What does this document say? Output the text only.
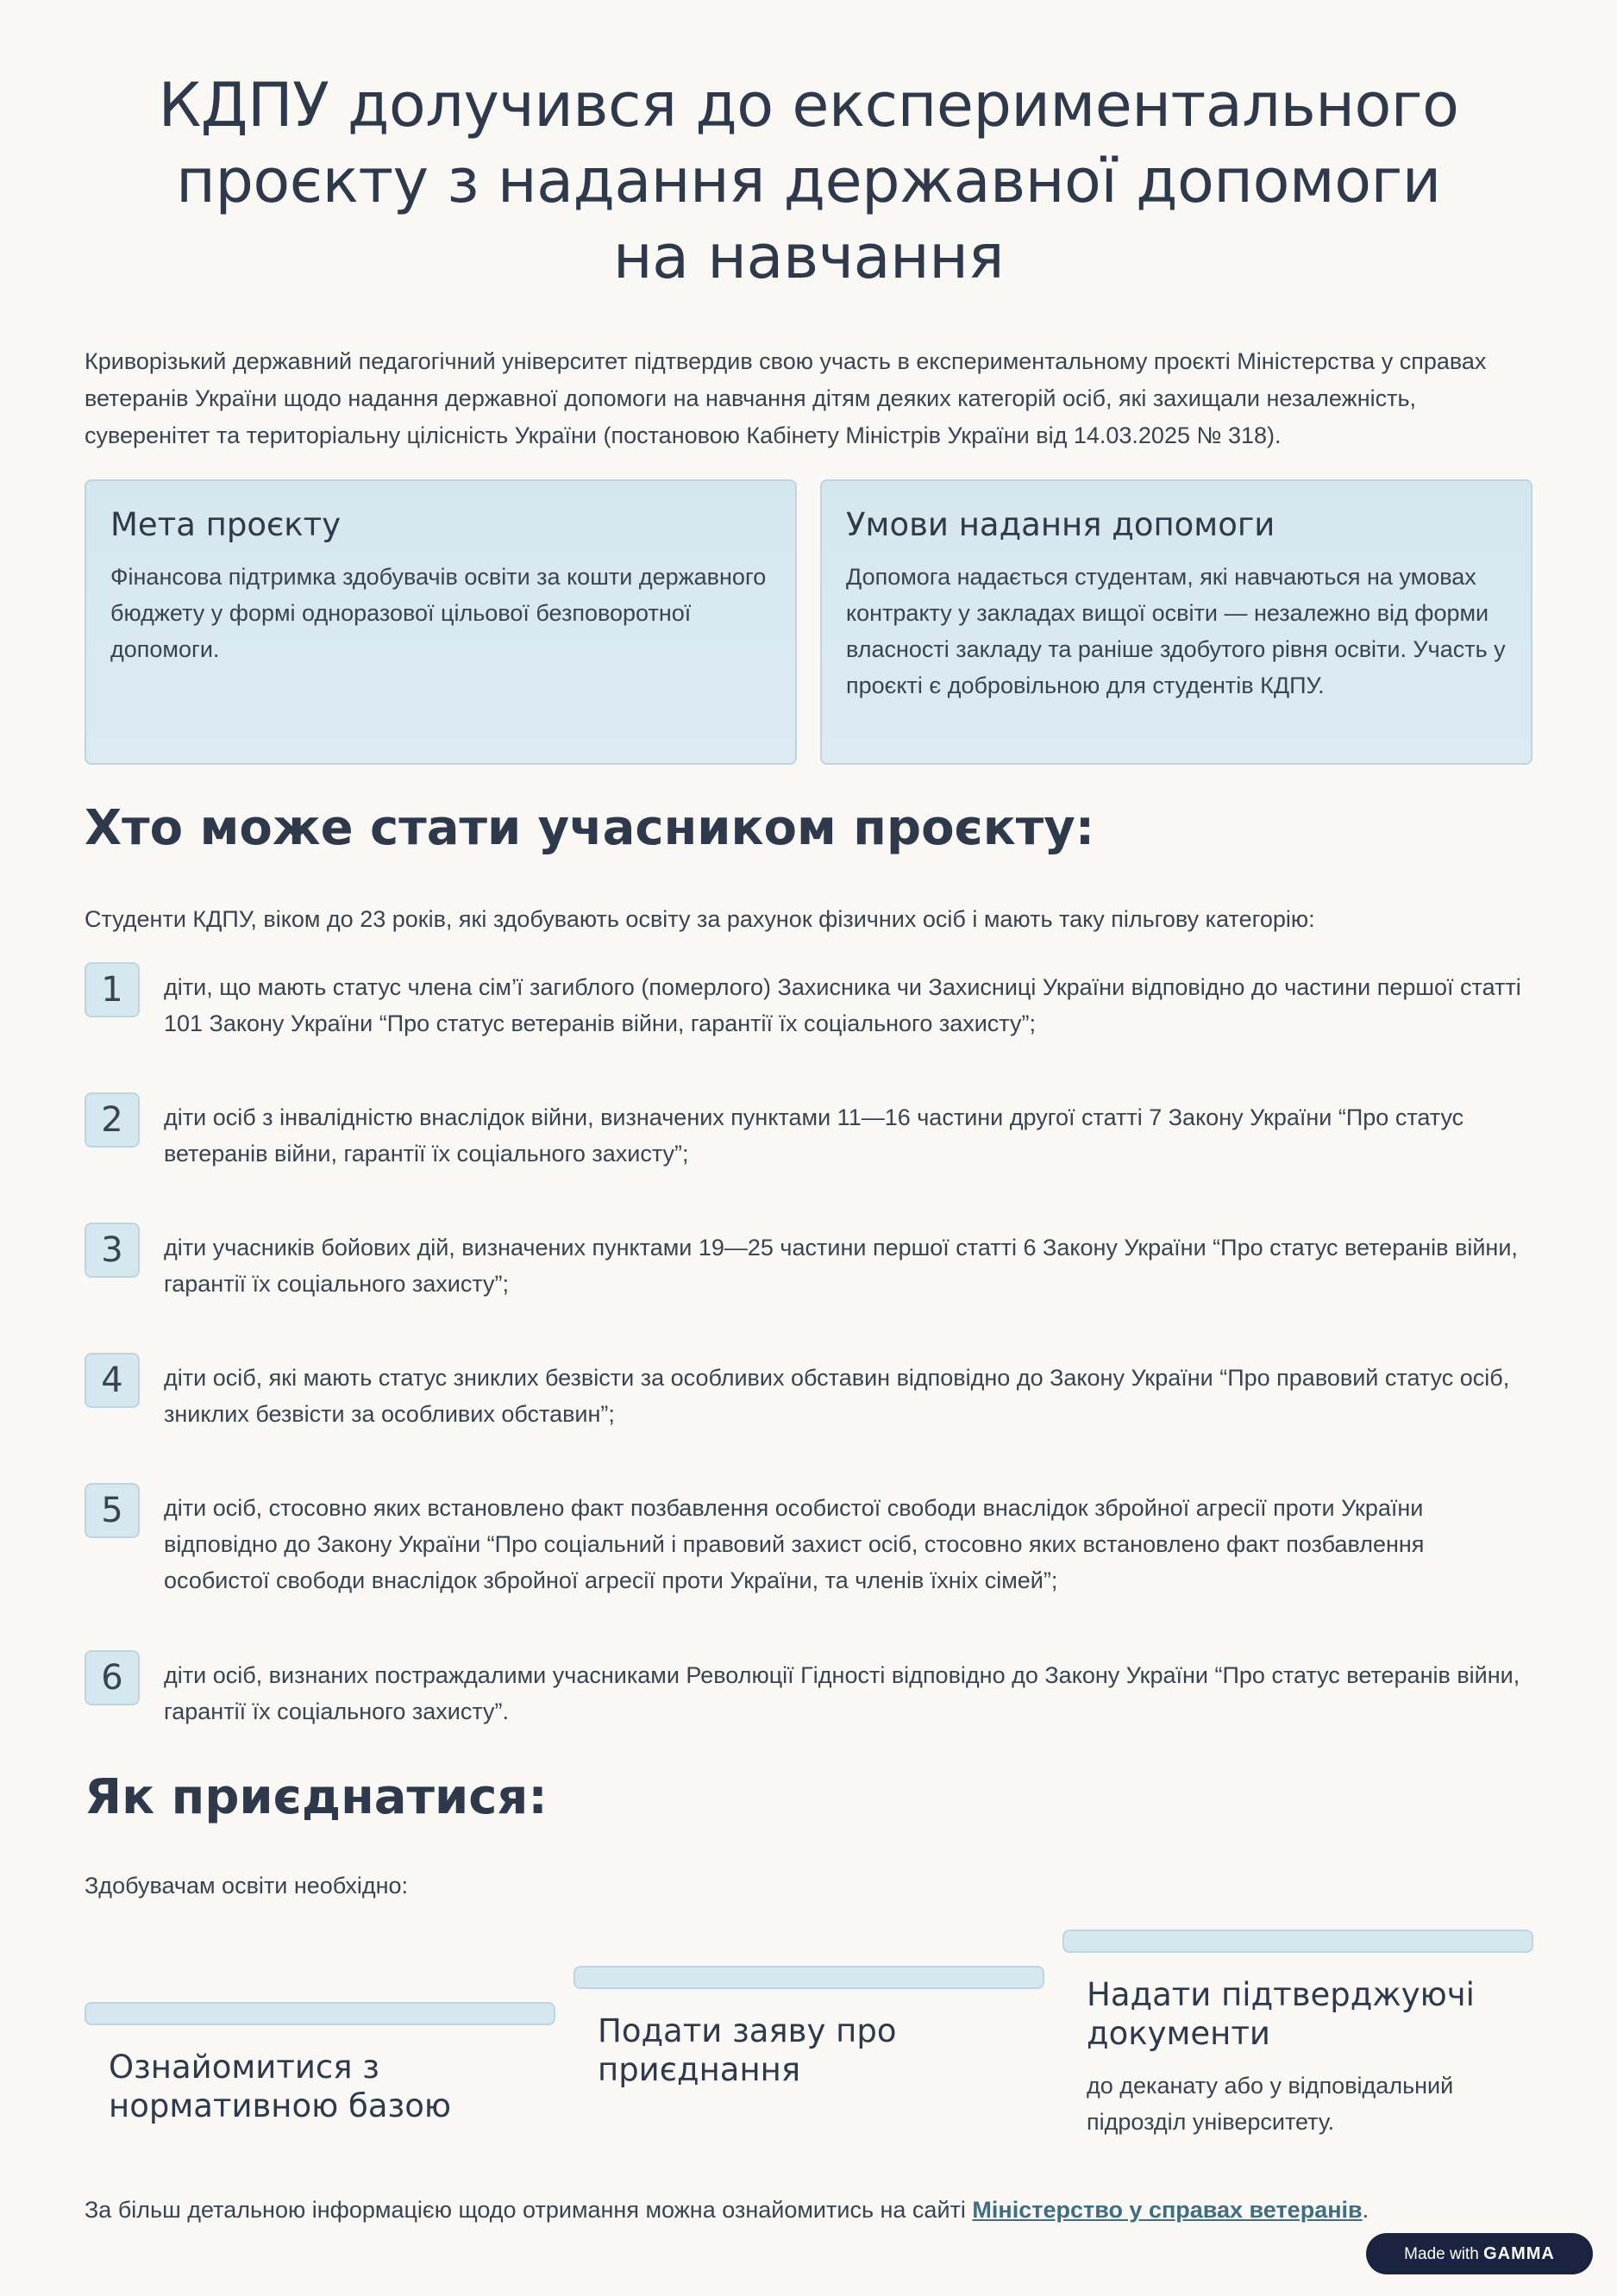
КДПУ долучився до експериментального проєкту з надання державної допомоги на навчання

Криворізький державний педагогічний університет підтвердив свою участь в експериментальному проєкті Міністерства у справах ветеранів України щодо надання державної допомоги на навчання дітям деяких категорій осіб, які захищали незалежність, суверенітет та територіальну цілісність України (постановою Кабінету Міністрів України від 14.03.2025 № 318).

Мета проєкту
Фінансова підтримка здобувачів освіти за кошти державного бюджету у формі одноразової цільової безповоротної допомоги.
Умови надання допомоги
Допомога надається студентам, які навчаються на умовах контракту у закладах вищої освіти — незалежно від форми власності закладу та раніше здобутого рівня освіти. Участь у проєкті є добровільною для студентів КДПУ.
Хто може стати учасником проєкту:

Студенти КДПУ, віком до 23 років, які здобувають освіту за рахунок фізичних осіб і мають таку пільгову категорію:

1	діти, що мають статус члена сім’ї загиблого (померлого) Захисника чи Захисниці України відповідно до частини першої статті 101 Закону України “Про статус ветеранів війни, гарантії їх соціального захисту”;
2	діти осіб з інвалідністю внаслідок війни, визначених пунктами 11—16 частини другої статті 7 Закону України “Про статус ветеранів війни, гарантії їх соціального захисту”;
3	діти учасників бойових дій, визначених пунктами 19—25 частини першої статті 6 Закону України “Про статус ветеранів війни, гарантії їх соціального захисту”;
4	діти осіб, які мають статус зниклих безвісти за особливих обставин відповідно до Закону України “Про правовий статус осіб, зниклих безвісти за особливих обставин”;
5	діти осіб, стосовно яких встановлено факт позбавлення особистої свободи внаслідок збройної агресії проти України відповідно до Закону України “Про соціальний і правовий захист осіб, стосовно яких встановлено факт позбавлення особистої свободи внаслідок збройної агресії проти України, та членів їхніх сімей”;
6	діти осіб, визнаних постраждалими учасниками Революції Гідності відповідно до Закону України “Про статус ветеранів війни, гарантії їх соціального захисту”.
Як приєднатися:

Здобувачам освіти необхідно:

Ознайомитися з нормативною базою
Подати заяву про приєднання
Надати підтверджуючі документи
до деканату або у відповідальний підрозділ університету.

За більш детальною інформацією щодо отримання можна ознайомитись на сайті Міністерство у справах ветеранів.

Made with GAMMA
